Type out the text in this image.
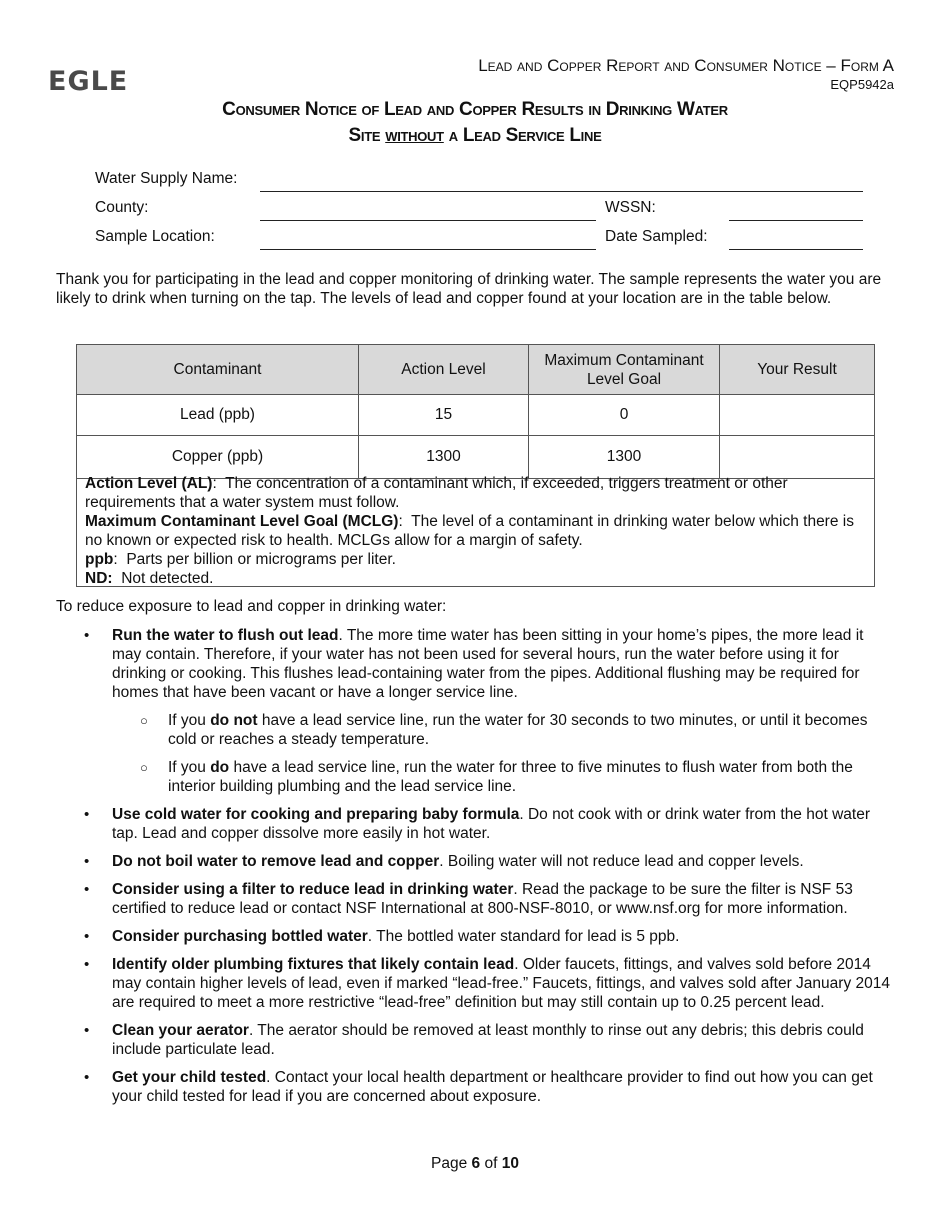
EGLE
Lead and Copper Report and Consumer Notice – Form A
EQP5942a
Consumer Notice of Lead and Copper Results in Drinking Water
Site without a Lead Service Line
Water Supply Name:
County:	WSSN:
Sample Location:	Date Sampled:
Thank you for participating in the lead and copper monitoring of drinking water. The sample represents the water you are likely to drink when turning on the tap. The levels of lead and copper found at your location are in the table below.
Contaminant	Action Level	Maximum Contaminant Level Goal	Your Result
Lead (ppb)	15	0	
Copper (ppb)	1300	1300	
Action Level (AL):  The concentration of a contaminant which, if exceeded, triggers treatment or other requirements that a water system must follow.
Maximum Contaminant Level Goal (MCLG):  The level of a contaminant in drinking water below which there is no known or expected risk to health. MCLGs allow for a margin of safety.
ppb:  Parts per billion or micrograms per liter.
ND: Not detected.
To reduce exposure to lead and copper in drinking water:
• Run the water to flush out lead. The more time water has been sitting in your home’s pipes, the more lead it may contain. Therefore, if your water has not been used for several hours, run the water before using it for drinking or cooking. This flushes lead-containing water from the pipes. Additional flushing may be required for homes that have been vacant or have a longer service line.
○ If you do not have a lead service line, run the water for 30 seconds to two minutes, or until it becomes cold or reaches a steady temperature.
○ If you do have a lead service line, run the water for three to five minutes to flush water from both the interior building plumbing and the lead service line.
• Use cold water for cooking and preparing baby formula. Do not cook with or drink water from the hot water tap. Lead and copper dissolve more easily in hot water.
• Do not boil water to remove lead and copper. Boiling water will not reduce lead and copper levels.
• Consider using a filter to reduce lead in drinking water. Read the package to be sure the filter is NSF 53 certified to reduce lead or contact NSF International at 800-NSF-8010, or www.nsf.org for more information.
• Consider purchasing bottled water. The bottled water standard for lead is 5 ppb.
• Identify older plumbing fixtures that likely contain lead. Older faucets, fittings, and valves sold before 2014 may contain higher levels of lead, even if marked “lead-free.” Faucets, fittings, and valves sold after January 2014 are required to meet a more restrictive “lead-free” definition but may still contain up to 0.25 percent lead.
• Clean your aerator. The aerator should be removed at least monthly to rinse out any debris; this debris could include particulate lead.
• Get your child tested. Contact your local health department or healthcare provider to find out how you can get your child tested for lead if you are concerned about exposure.
Page 6 of 10
